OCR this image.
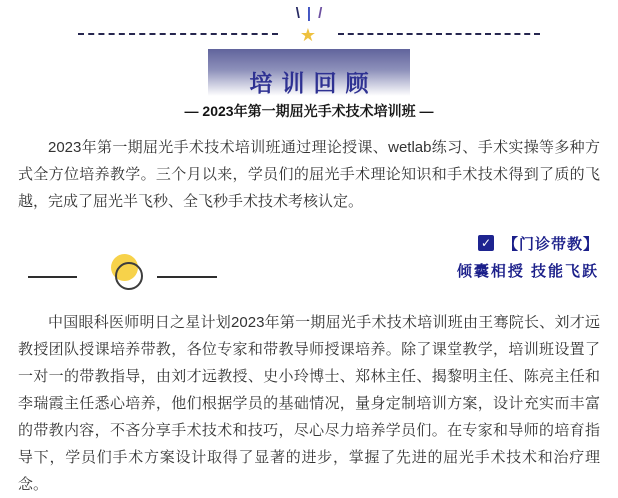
\ | /
★
培训回顾
— 2023年第一期屈光手术技术培训班 —

2023年第一期屈光手术技术培训班通过理论授课、wetlab练习、手术实操等多种方式全方位培养教学。三个月以来，学员们的屈光手术理论知识和手术技术得到了质的飞越，完成了屈光半飞秒、全飞秒手术技术考核认定。

✓ 【门诊带教】
倾囊相授 技能飞跃

中国眼科医师明日之星计划2023年第一期屈光手术技术培训班由王骞院长、刘才远教授团队授课培养带教，各位专家和带教导师授课培养。除了课堂教学，培训班设置了一对一的带教指导，由刘才远教授、史小玲博士、郑林主任、揭黎明主任、陈亮主任和李瑞霞主任悉心培养，他们根据学员的基础情况，量身定制培训方案，设计充实而丰富的带教内容，不吝分享手术技术和技巧，尽心尽力培养学员们。在专家和导师的培育指导下，学员们手术方案设计取得了显著的进步，掌握了先进的屈光手术技术和治疗理念。
